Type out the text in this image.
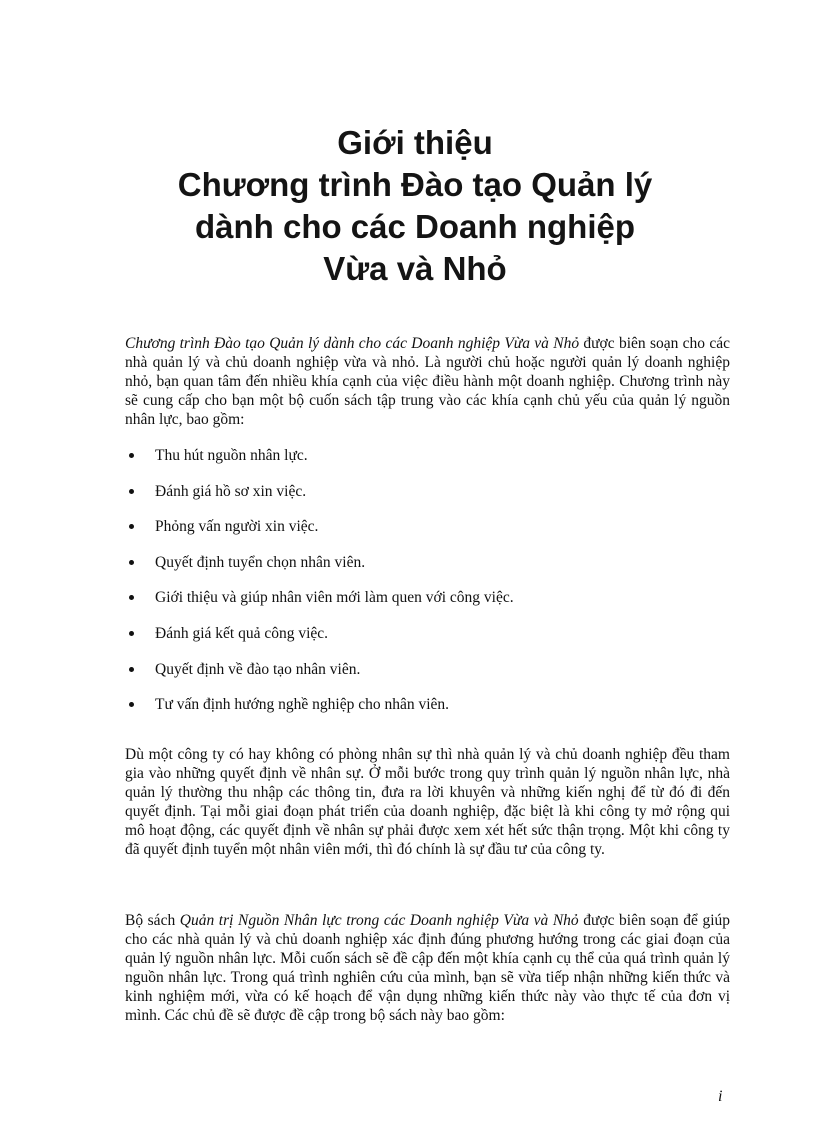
Giới thiệu
Chương trình Đào tạo Quản lý
dành cho các Doanh nghiệp
Vừa và Nhỏ

Chương trình Đào tạo Quản lý dành cho các Doanh nghiệp Vừa và Nhỏ được biên soạn cho các nhà quản lý và chủ doanh nghiệp vừa và nhỏ. Là người chủ hoặc người quản lý doanh nghiệp nhỏ, bạn quan tâm đến nhiều khía cạnh của việc điều hành một doanh nghiệp. Chương trình này sẽ cung cấp cho bạn một bộ cuốn sách tập trung vào các khía cạnh chủ yếu của quản lý nguồn nhân lực, bao gồm:

Thu hút nguồn nhân lực.
Đánh giá hồ sơ xin việc.
Phỏng vấn người xin việc.
Quyết định tuyển chọn nhân viên.
Giới thiệu và giúp nhân viên mới làm quen với công việc.
Đánh giá kết quả công việc.
Quyết định về đào tạo nhân viên.
Tư vấn định hướng nghề nghiệp cho nhân viên.

Dù một công ty có hay không có phòng nhân sự thì nhà quản lý và chủ doanh nghiệp đều tham gia vào những quyết định về nhân sự. Ở mỗi bước trong quy trình quản lý nguồn nhân lực, nhà quản lý thường thu nhập các thông tin, đưa ra lời khuyên và những kiến nghị để từ đó đi đến quyết định. Tại mỗi giai đoạn phát triển của doanh nghiệp, đặc biệt là khi công ty mở rộng qui mô hoạt động, các quyết định về nhân sự phải được xem xét hết sức thận trọng. Một khi công ty đã quyết định tuyển một nhân viên mới, thì đó chính là sự đầu tư của công ty.

Bộ sách Quản trị Nguồn Nhân lực trong các Doanh nghiệp Vừa và Nhỏ được biên soạn để giúp cho các nhà quản lý và chủ doanh nghiệp xác định đúng phương hướng trong các giai đoạn của quản lý nguồn nhân lực. Mỗi cuốn sách sẽ đề cập đến một khía cạnh cụ thể của quá trình quản lý nguồn nhân lực. Trong quá trình nghiên cứu của mình, bạn sẽ vừa tiếp nhận những kiến thức và kinh nghiệm mới, vừa có kế hoạch để vận dụng những kiến thức này vào thực tế của đơn vị mình. Các chủ đề sẽ được đề cập trong bộ sách này bao gồm:

i
